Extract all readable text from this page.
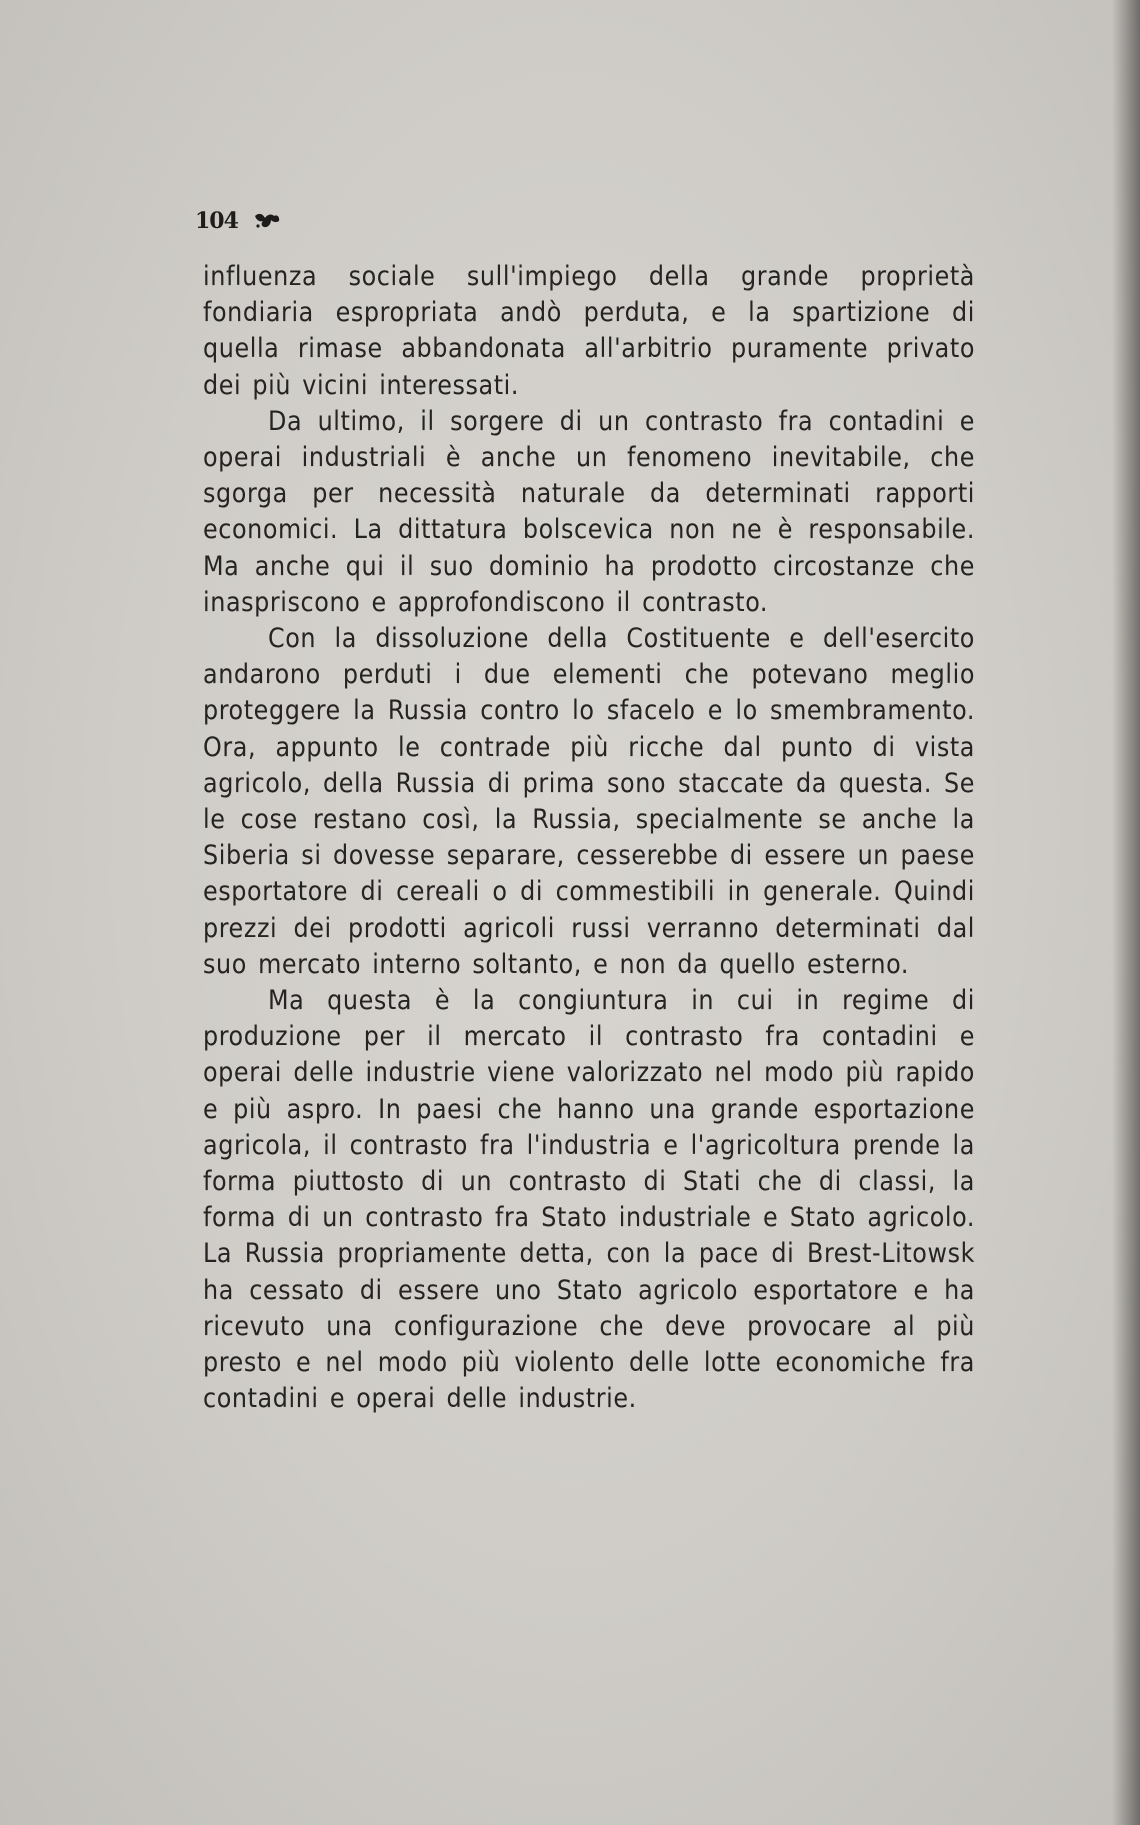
104

influenza sociale sull'impiego della grande proprietà fondiaria espropriata andò perduta, e la spartizione di quella rimase abbandonata all'arbitrio puramente privato dei più vicini interessati.

Da ultimo, il sorgere di un contrasto fra contadini e operai industriali è anche un fenomeno inevitabile, che sgorga per necessità naturale da determinati rapporti economici. La dittatura bolscevica non ne è responsabile. Ma anche qui il suo dominio ha prodotto circostanze che inaspriscono e approfondiscono il contrasto.

Con la dissoluzione della Costituente e dell'esercito andarono perduti i due elementi che potevano meglio proteggere la Russia contro lo sfacelo e lo smembramento. Ora, appunto le contrade più ricche dal punto di vista agricolo, della Russia di prima sono staccate da questa. Se le cose restano così, la Russia, specialmente se anche la Siberia si dovesse separare, cesserebbe di essere un paese esportatore di cereali o di commestibili in generale. Quindi prezzi dei prodotti agricoli russi verranno determinati dal suo mercato interno soltanto, e non da quello esterno.

Ma questa è la congiuntura in cui in regime di produzione per il mercato il contrasto fra contadini e operai delle industrie viene valorizzato nel modo più rapido e più aspro. In paesi che hanno una grande esportazione agricola, il contrasto fra l'industria e l'agricoltura prende la forma piuttosto di un contrasto di Stati che di classi, la forma di un contrasto fra Stato industriale e Stato agricolo. La Russia propriamente detta, con la pace di Brest-Litowsk ha cessato di essere uno Stato agricolo esportatore e ha ricevuto una configurazione che deve provocare al più presto e nel modo più violento delle lotte economiche fra contadini e operai delle industrie.
